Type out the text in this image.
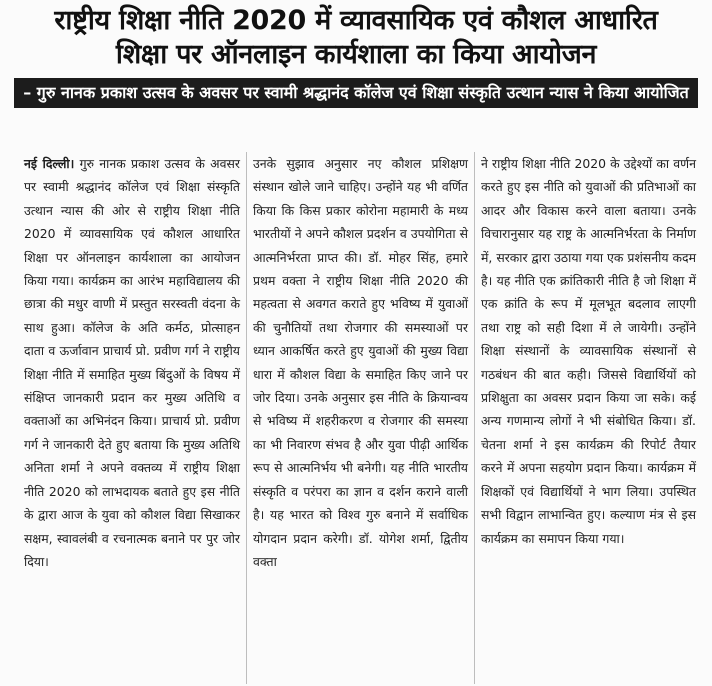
राष्ट्रीय शिक्षा नीति 2020 में व्यावसायिक एवं कौशल आधारित
शिक्षा पर ऑनलाइन कार्यशाला का किया आयोजन
– गुरु नानक प्रकाश उत्सव के अवसर पर स्वामी श्रद्धानंद कॉलेज एवं शिक्षा संस्कृति उत्थान न्यास ने किया आयोजित
नई दिल्ली। गुरु नानक प्रकाश उत्सव के अवसर पर स्वामी श्रद्धानंद कॉलेज एवं शिक्षा संस्कृति उत्थान न्यास की ओर से राष्ट्रीय शिक्षा नीति 2020 में व्यावसायिक एवं कौशल आधारित शिक्षा पर ऑनलाइन कार्यशाला का आयोजन किया गया। कार्यक्रम का आरंभ महाविद्यालय की छात्रा की मधुर वाणी में प्रस्तुत सरस्वती वंदना के साथ हुआ। कॉलेज के अति कर्मठ, प्रोत्साहन दाता व ऊर्जावान प्राचार्य प्रो. प्रवीण गर्ग ने राष्ट्रीय शिक्षा नीति में समाहित मुख्य बिंदुओं के विषय में संक्षिप्त जानकारी प्रदान कर मुख्य अतिथि व वक्ताओं का अभिनंदन किया। प्राचार्य प्रो. प्रवीण गर्ग ने जानकारी देते हुए बताया कि मुख्य अतिथि अनिता शर्मा ने अपने वक्तव्य में राष्ट्रीय शिक्षा नीति 2020 को लाभदायक बताते हुए इस नीति के द्वारा आज के युवा को कौशल विद्या सिखाकर सक्षम, स्वावलंबी व रचनात्मक बनाने पर पुर जोर दिया।
उनके सुझाव अनुसार नए कौशल प्रशिक्षण संस्थान खोले जाने चाहिए। उन्होंने यह भी वर्णित किया कि किस प्रकार कोरोना महामारी के मध्य भारतीयों ने अपने कौशल प्रदर्शन व उपयोगिता से आत्मनिर्भरता प्राप्त की। डॉ. मोहर सिंह, हमारे प्रथम वक्ता ने राष्ट्रीय शिक्षा नीति 2020 की महत्वता से अवगत कराते हुए भविष्य में युवाओं की चुनौतियों तथा रोजगार की समस्याओं पर ध्यान आकर्षित करते हुए युवाओं की मुख्य विद्या धारा में कौशल विद्या के समाहित किए जाने पर जोर दिया। उनके अनुसार इस नीति के क्रियान्वय से भविष्य में शहरीकरण व रोजगार की समस्या का भी निवारण संभव है और युवा पीढ़ी आर्थिक रूप से आत्मनिर्भय भी बनेगी। यह नीति भारतीय संस्कृति व परंपरा का ज्ञान व दर्शन कराने वाली है। यह भारत को विश्व गुरु बनाने में सर्वाधिक योगदान प्रदान करेगी। डॉ. योगेश शर्मा, द्वितीय वक्ता
ने राष्ट्रीय शिक्षा नीति 2020 के उद्देश्यों का वर्णन करते हुए इस नीति को युवाओं की प्रतिभाओं का आदर और विकास करने वाला बताया। उनके विचारानुसार यह राष्ट्र के आत्मनिर्भरता के निर्माण में, सरकार द्वारा उठाया गया एक प्रशंसनीय कदम है। यह नीति एक क्रांतिकारी नीति है जो शिक्षा में एक क्रांति के रूप में मूलभूत बदलाव लाएगी तथा राष्ट्र को सही दिशा में ले जायेगी। उन्होंने शिक्षा संस्थानों के व्यावसायिक संस्थानों से गठबंधन की बात कही। जिससे विद्यार्थियों को प्रशिक्षुता का अवसर प्रदान किया जा सके। कई अन्य गणमान्य लोगों ने भी संबोधित किया। डॉ. चेतना शर्मा ने इस कार्यक्रम की रिपोर्ट तैयार करने में अपना सहयोग प्रदान किया। कार्यक्रम में शिक्षकों एवं विद्यार्थियों ने भाग लिया। उपस्थित सभी विद्वान लाभान्वित हुए। कल्याण मंत्र से इस कार्यक्रम का समापन किया गया।
